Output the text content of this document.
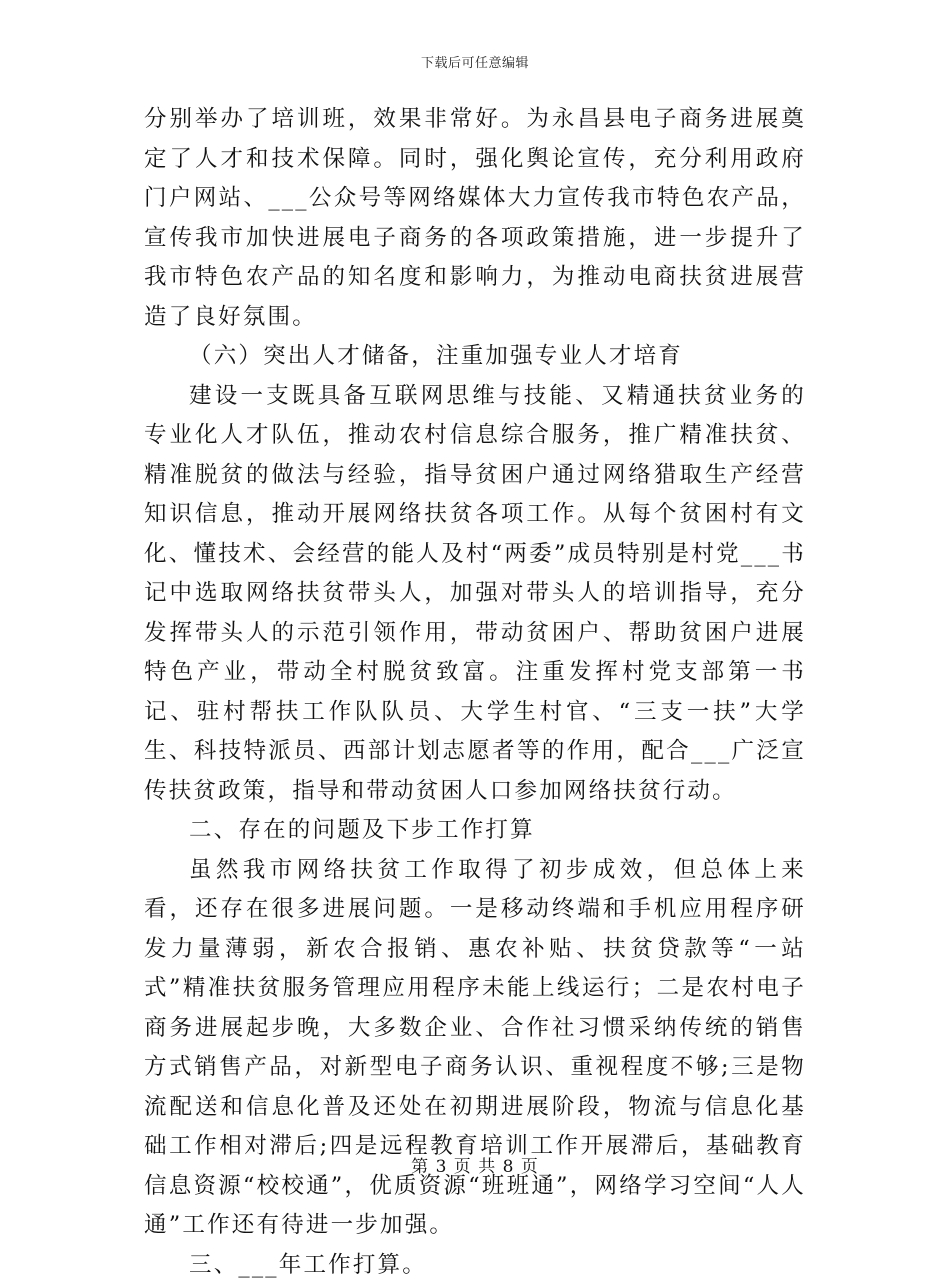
下载后可任意编辑

分别举办了培训班，效果非常好。为永昌县电子商务进展奠定了人才和技术保障。同时，强化舆论宣传，充分利用政府门户网站、___公众号等网络媒体大力宣传我市特色农产品，宣传我市加快进展电子商务的各项政策措施，进一步提升了我市特色农产品的知名度和影响力，为推动电商扶贫进展营造了良好氛围。

（六）突出人才储备，注重加强专业人才培育

建设一支既具备互联网思维与技能、又精通扶贫业务的专业化人才队伍，推动农村信息综合服务，推广精准扶贫、精准脱贫的做法与经验，指导贫困户通过网络猎取生产经营知识信息，推动开展网络扶贫各项工作。从每个贫困村有文化、懂技术、会经营的能人及村“两委”成员特别是村党___书记中选取网络扶贫带头人，加强对带头人的培训指导，充分发挥带头人的示范引领作用，带动贫困户、帮助贫困户进展特色产业，带动全村脱贫致富。注重发挥村党支部第一书记、驻村帮扶工作队队员、大学生村官、“三支一扶”大学生、科技特派员、西部计划志愿者等的作用，配合___广泛宣传扶贫政策，指导和带动贫困人口参加网络扶贫行动。

二、存在的问题及下步工作打算

虽然我市网络扶贫工作取得了初步成效，但总体上来看，还存在很多进展问题。一是移动终端和手机应用程序研发力量薄弱，新农合报销、惠农补贴、扶贫贷款等“一站式”精准扶贫服务管理应用程序未能上线运行；二是农村电子商务进展起步晚，大多数企业、合作社习惯采纳传统的销售方式销售产品，对新型电子商务认识、重视程度不够;三是物流配送和信息化普及还处在初期进展阶段，物流与信息化基础工作相对滞后;四是远程教育培训工作开展滞后，基础教育信息资源“校校通”，优质资源“班班通”，网络学习空间“人人通”工作还有待进一步加强。

三、___年工作打算。

第 3 页 共 8 页
